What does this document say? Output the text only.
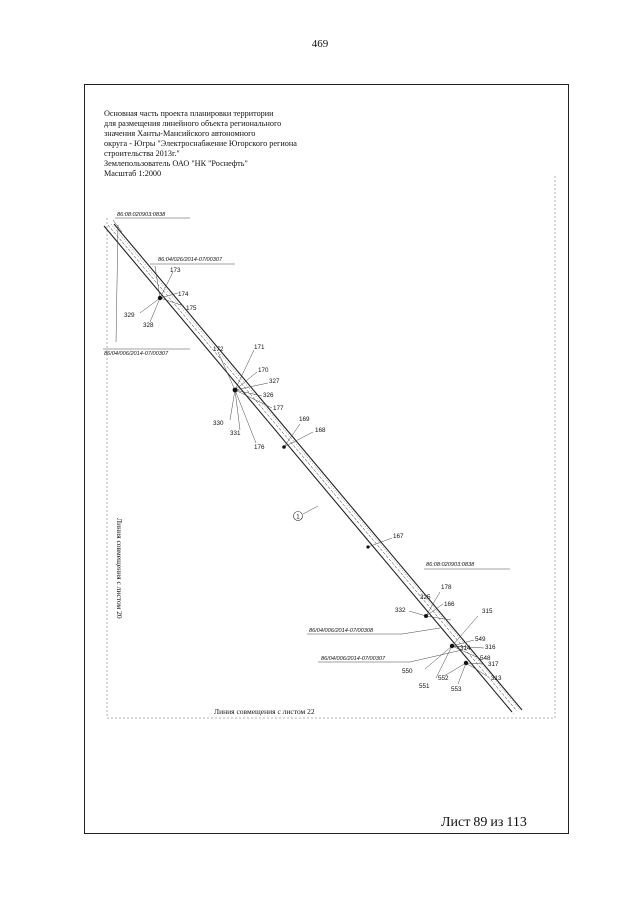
469
Основная часть проекта планировки территории
для размещения линейного объекта регионального
значения Ханты-Мансийского автономного
округа - Югры "Электроснабжение Югорского региона
строительства 2013г."
Землепользователь ОАО "НК "Роснефть"
Масштаб 1:2000
86:08:020903:0838
86:04/026/2014-07/00307
86/04/006/2014-07/00307
86:08:020903:0838
86/04/006/2014-07/00308
86/04/006/2014-07/00307
173
174
175
329
328
172	171
170
327
326
177
330
331
176
169
168
167
178
325
166
332	315
549
314 316
548
550
552
317
551	553
313
1
Линия совмещения с листом 20
Линия совмещения с листом 22
Лист 89 из 113
